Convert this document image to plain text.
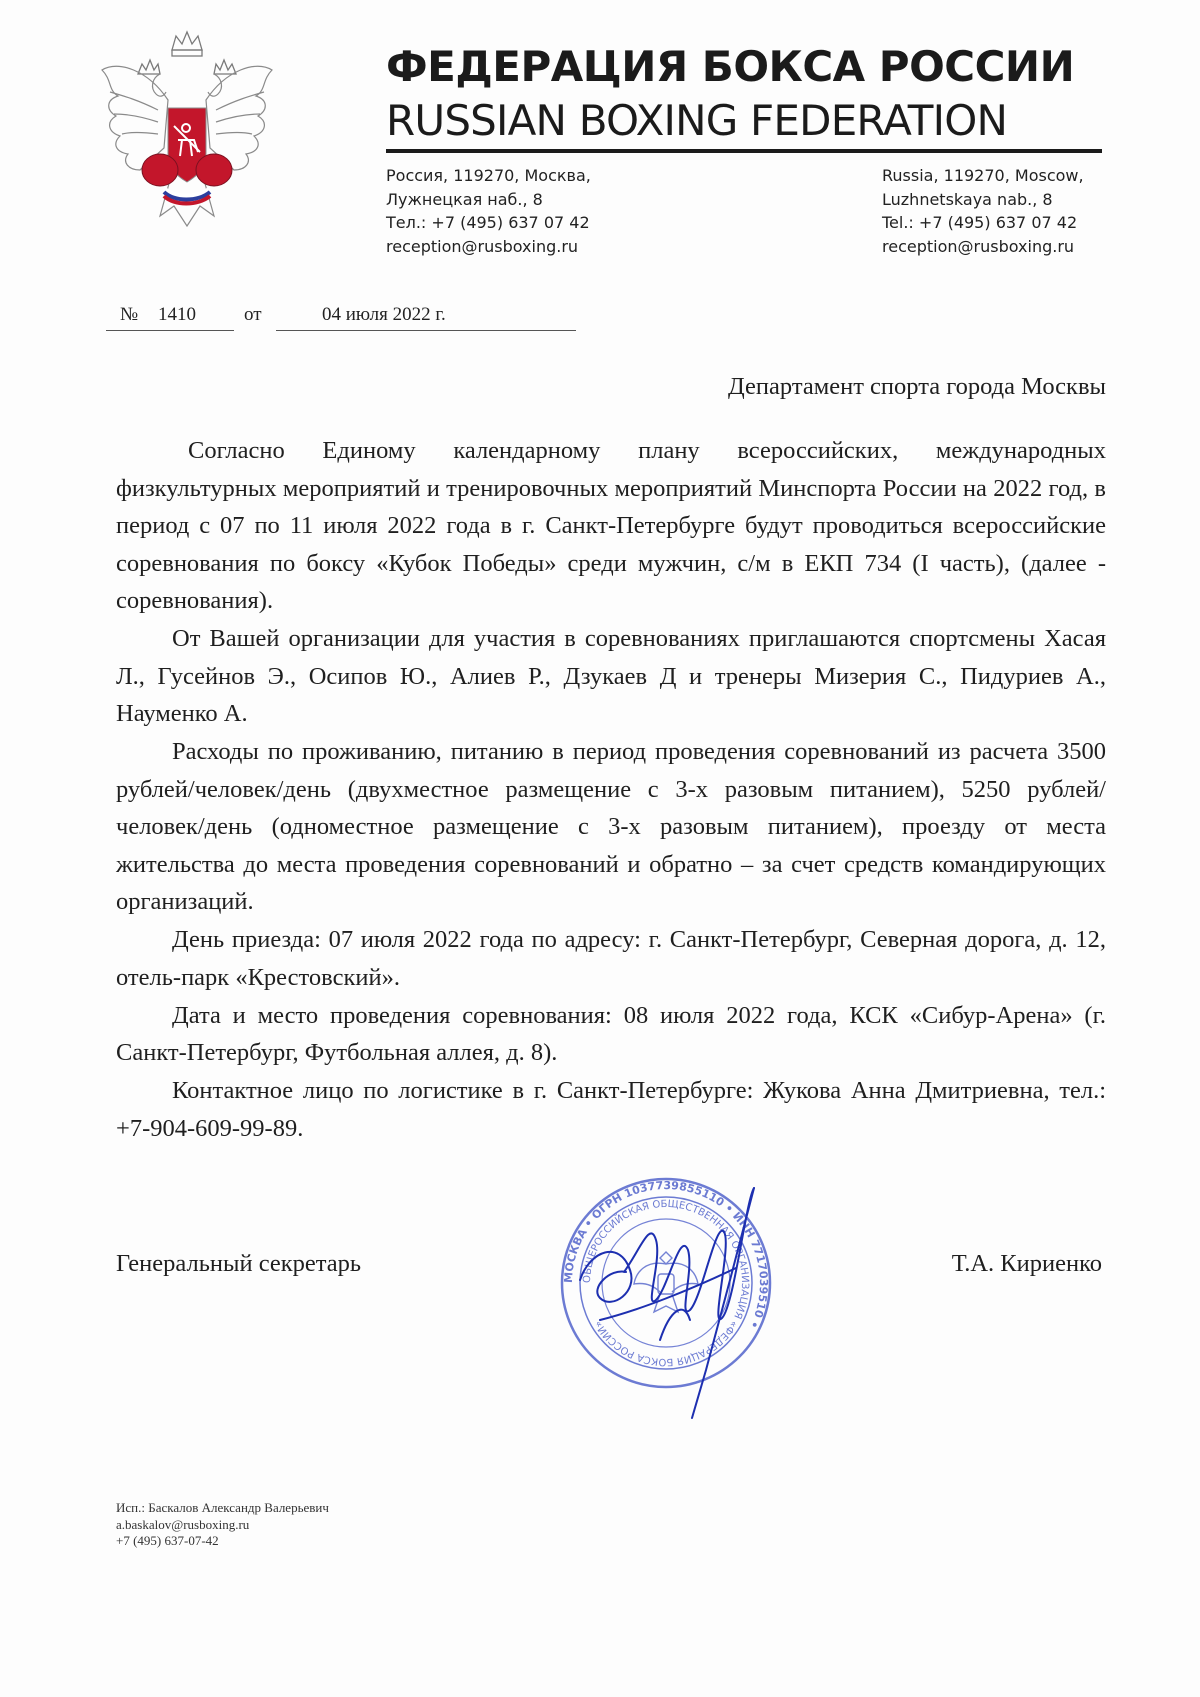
ФЕДЕРАЦИЯ БОКСА РОССИИ
RUSSIAN BOXING FEDERATION
Россия, 119270, Москва,
Лужнецкая наб., 8
Тел.: +7 (495) 637 07 42
reception@rusboxing.ru
Russia, 119270, Moscow,
Luzhnetskaya nab., 8
Tel.: +7 (495) 637 07 42
reception@rusboxing.ru
№ 1410	от	04 июля 2022 г.
Департамент спорта города Москвы

Согласно Единому календарному плану всероссийских, международных физкультурных мероприятий и тренировочных мероприятий Минспорта России на 2022 год, в период с 07 по 11 июля 2022 года в г. Санкт-Петербурге будут проводиться всероссийские соревнования по боксу «Кубок Победы» среди мужчин, с/м в ЕКП 734 (I часть), (далее - соревнования).

От Вашей организации для участия в соревнованиях приглашаются спортсмены Хасая Л., Гусейнов Э., Осипов Ю., Алиев Р., Дзукаев Д и тренеры Мизерия С., Пидуриев А., Науменко А.

Расходы по проживанию, питанию в период проведения соревнований из расчета 3500 рублей/человек/день (двухместное размещение с 3-х разовым питанием), 5250 рублей/человек/день (одноместное размещение с 3-х разовым питанием), проезду от места жительства до места проведения соревнований и обратно – за счет средств командирующих организаций.

День приезда: 07 июля 2022 года по адресу: г. Санкт-Петербург, Северная дорога, д. 12, отель-парк «Крестовский».

Дата и место проведения соревнования: 08 июля 2022 года, КСК «Сибур-Арена» (г. Санкт-Петербург, Футбольная аллея, д. 8).

Контактное лицо по логистике в г. Санкт-Петербурге: Жукова Анна Дмитриевна, тел.: +7-904-609-99-89.

МОСКВА • ОГРН 1037739855110 • ИНН 7717039510 •
ОБЩЕРОССИЙСКАЯ ОБЩЕСТВЕННАЯ ОРГАНИЗАЦИЯ «ФЕДЕРАЦИЯ БОКСА РОССИИ»
Генеральный секретарь	Т.А. Кириенко
Исп.: Баскалов Александр Валерьевич
a.baskalov@rusboxing.ru
+7 (495) 637-07-42
